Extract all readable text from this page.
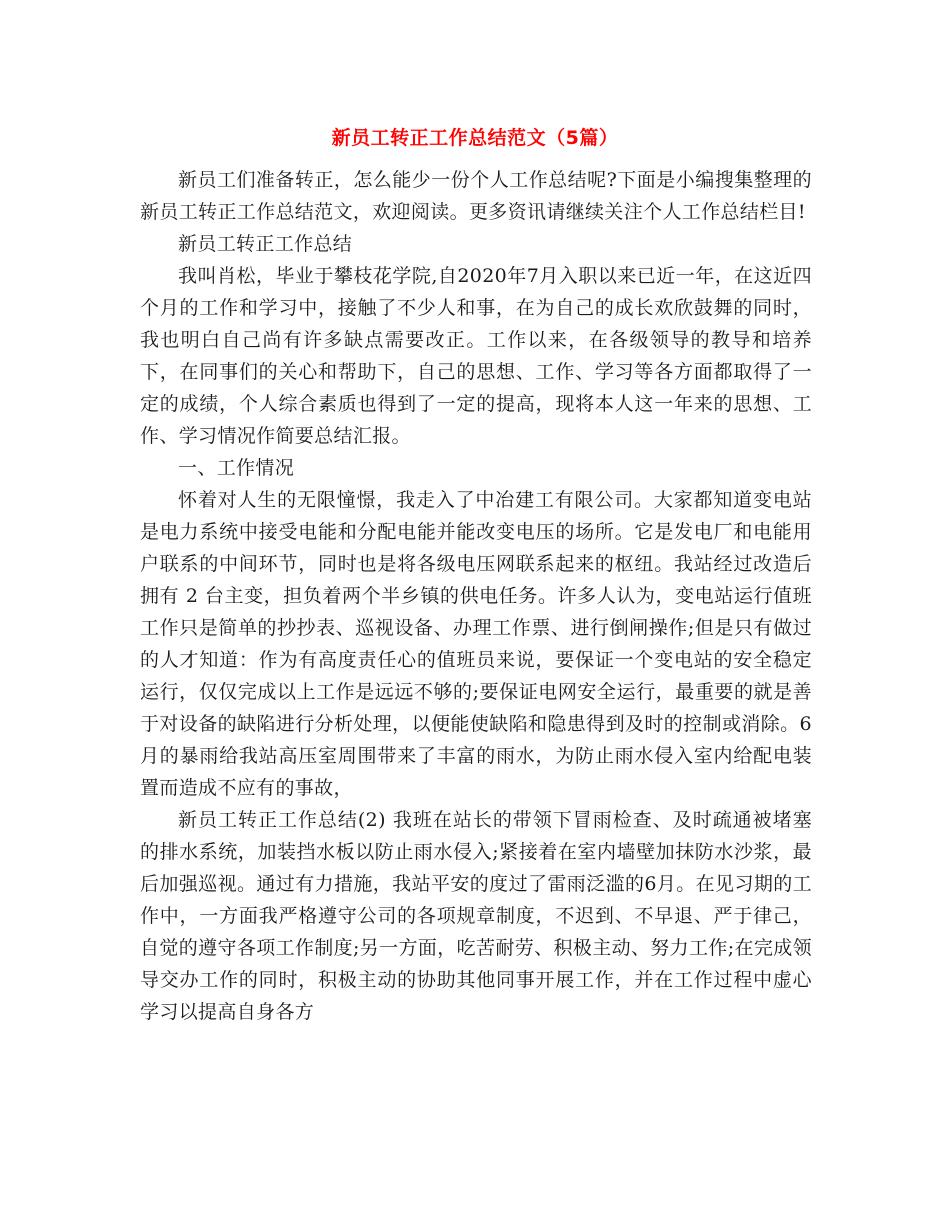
新员工转正工作总结范文（5篇）

新员工们准备转正，怎么能少一份个人工作总结呢?下面是小编搜集整理的新员工转正工作总结范文，欢迎阅读。更多资讯请继续关注个人工作总结栏目!

新员工转正工作总结

我叫肖松，毕业于攀枝花学院,自2020年7月入职以来已近一年，在这近四个月的工作和学习中，接触了不少人和事，在为自己的成长欢欣鼓舞的同时，我也明白自己尚有许多缺点需要改正。工作以来，在各级领导的教导和培养下，在同事们的关心和帮助下，自己的思想、工作、学习等各方面都取得了一定的成绩，个人综合素质也得到了一定的提高，现将本人这一年来的思想、工作、学习情况作简要总结汇报。

一、工作情况

怀着对人生的无限憧憬，我走入了中冶建工有限公司。大家都知道变电站是电力系统中接受电能和分配电能并能改变电压的场所。它是发电厂和电能用户联系的中间环节，同时也是将各级电压网联系起来的枢纽。我站经过改造后拥有 2 台主变，担负着两个半乡镇的供电任务。许多人认为，变电站运行值班工作只是简单的抄抄表、巡视设备、办理工作票、进行倒闸操作;但是只有做过的人才知道：作为有高度责任心的值班员来说，要保证一个变电站的安全稳定运行，仅仅完成以上工作是远远不够的;要保证电网安全运行，最重要的就是善于对设备的缺陷进行分析处理，以便能使缺陷和隐患得到及时的控制或消除。6月的暴雨给我站高压室周围带来了丰富的雨水，为防止雨水侵入室内给配电装置而造成不应有的事故，

新员工转正工作总结(2) 我班在站长的带领下冒雨检查、及时疏通被堵塞的排水系统，加装挡水板以防止雨水侵入;紧接着在室内墙壁加抹防水沙浆，最后加强巡视。通过有力措施，我站平安的度过了雷雨泛滥的6月。在见习期的工作中，一方面我严格遵守公司的各项规章制度，不迟到、不早退、严于律己，自觉的遵守各项工作制度;另一方面，吃苦耐劳、积极主动、努力工作;在完成领导交办工作的同时，积极主动的协助其他同事开展工作，并在工作过程中虚心学习以提高自身各方
